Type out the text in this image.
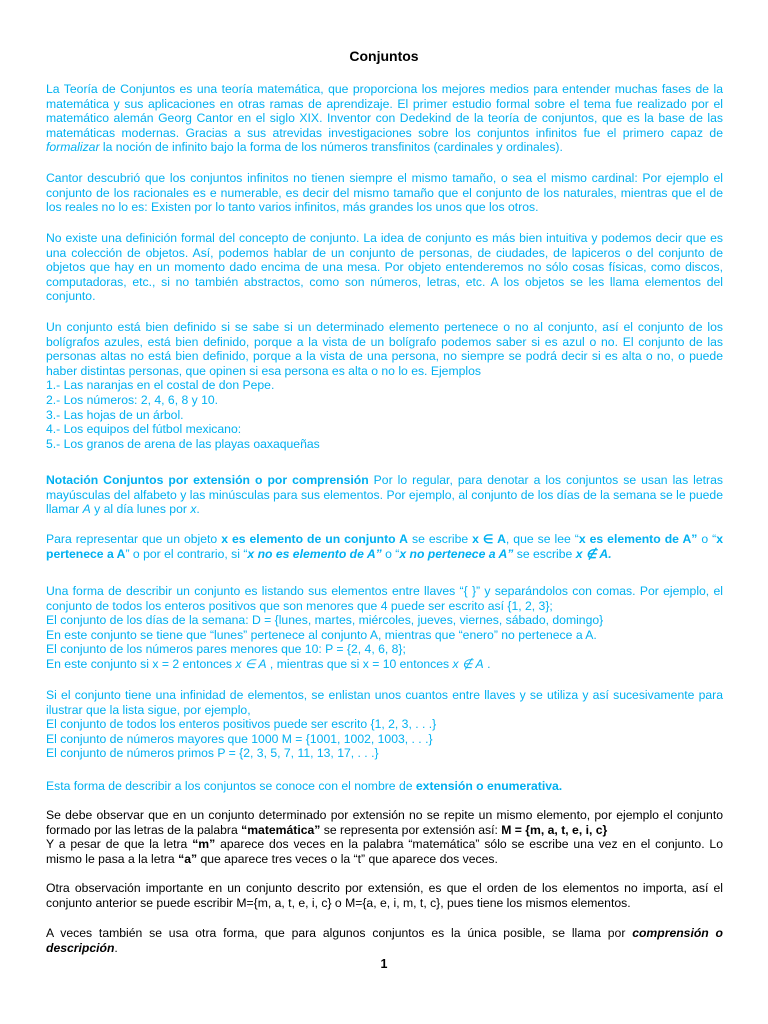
Conjuntos

La Teoría de Conjuntos es una teoría matemática, que proporciona los mejores medios para entender muchas fases de la matemática y sus aplicaciones en otras ramas de aprendizaje. El primer estudio formal sobre el tema fue realizado por el matemático alemán Georg Cantor en el siglo XIX. Inventor con Dedekind de la teoría de conjuntos, que es la base de las matemáticas modernas. Gracias a sus atrevidas investigaciones sobre los conjuntos infinitos fue el primero capaz de formalizar la noción de infinito bajo la forma de los números transfinitos (cardinales y ordinales).

Cantor descubrió que los conjuntos infinitos no tienen siempre el mismo tamaño, o sea el mismo cardinal: Por ejemplo el conjunto de los racionales es e numerable, es decir del mismo tamaño que el conjunto de los naturales, mientras que el de los reales no lo es: Existen por lo tanto varios infinitos, más grandes los unos que los otros.

No existe una definición formal del concepto de conjunto. La idea de conjunto es más bien intuitiva y podemos decir que es una colección de objetos. Así, podemos hablar de un conjunto de personas, de ciudades, de lapiceros o del conjunto de objetos que hay en un momento dado encima de una mesa. Por objeto entenderemos no sólo cosas físicas, como discos, computadoras, etc., si no también abstractos, como son números, letras, etc. A los objetos se les llama elementos del conjunto.

Un conjunto está bien definido si se sabe si un determinado elemento pertenece o no al conjunto, así el conjunto de los bolígrafos azules, está bien definido, porque a la vista de un bolígrafo podemos saber si es azul o no. El conjunto de las personas altas no está bien definido, porque a la vista de una persona, no siempre se podrá decir si es alta o no, o puede haber distintas personas, que opinen si esa persona es alta o no lo es. Ejemplos
1.- Las naranjas en el costal de don Pepe.
2.- Los números: 2, 4, 6, 8 y 10.
3.- Las hojas de un árbol.
4.- Los equipos del fútbol mexicano:
5.- Los granos de arena de las playas oaxaqueñas

Notación Conjuntos por extensión o por comprensión Por lo regular, para denotar a los conjuntos se usan las letras mayúsculas del alfabeto y las minúsculas para sus elementos. Por ejemplo, al conjunto de los días de la semana se le puede llamar A y al día lunes por x.

Para representar que un objeto x es elemento de un conjunto A se escribe x ∈ A, que se lee “x es elemento de A” o “x pertenece a A” o por el contrario, si “x no es elemento de A” o “x no pertenece a A” se escribe x ∉ A.

Una forma de describir un conjunto es listando sus elementos entre llaves “{ }” y separándolos con comas. Por ejemplo, el conjunto de todos los enteros positivos que son menores que 4 puede ser escrito así {1, 2, 3};
El conjunto de los días de la semana: D = {lunes, martes, miércoles, jueves, viernes, sábado, domingo}
En este conjunto se tiene que “lunes” pertenece al conjunto A, mientras que “enero” no pertenece a A.
El conjunto de los números pares menores que 10: P = {2, 4, 6, 8};
En este conjunto si x = 2 entonces x ∈ A , mientras que si x = 10 entonces x ∉ A .
Si el conjunto tiene una infinidad de elementos, se enlistan unos cuantos entre llaves y se utiliza y así sucesivamente para ilustrar que la lista sigue, por ejemplo,
El conjunto de todos los enteros positivos puede ser escrito {1, 2, 3, . . .}
El conjunto de números mayores que 1000 M = {1001, 1002, 1003, . . .}
El conjunto de números primos P = {2, 3, 5, 7, 11, 13, 17, . . .}

Esta forma de describir a los conjuntos se conoce con el nombre de extensión o enumerativa.

Se debe observar que en un conjunto determinado por extensión no se repite un mismo elemento, por ejemplo el conjunto formado por las letras de la palabra “matemática” se representa por extensión así: M = {m, a, t, e, i, c}
Y a pesar de que la letra “m” aparece dos veces en la palabra “matemática” sólo se escribe una vez en el conjunto. Lo mismo le pasa a la letra “a” que aparece tres veces o la “t” que aparece dos veces.

Otra observación importante en un conjunto descrito por extensión, es que el orden de los elementos no importa, así el conjunto anterior se puede escribir M={m, a, t, e, i, c} o M={a, e, i, m, t, c}, pues tiene los mismos elementos.

A veces también se usa otra forma, que para algunos conjuntos es la única posible, se llama por comprensión o descripción.

1
